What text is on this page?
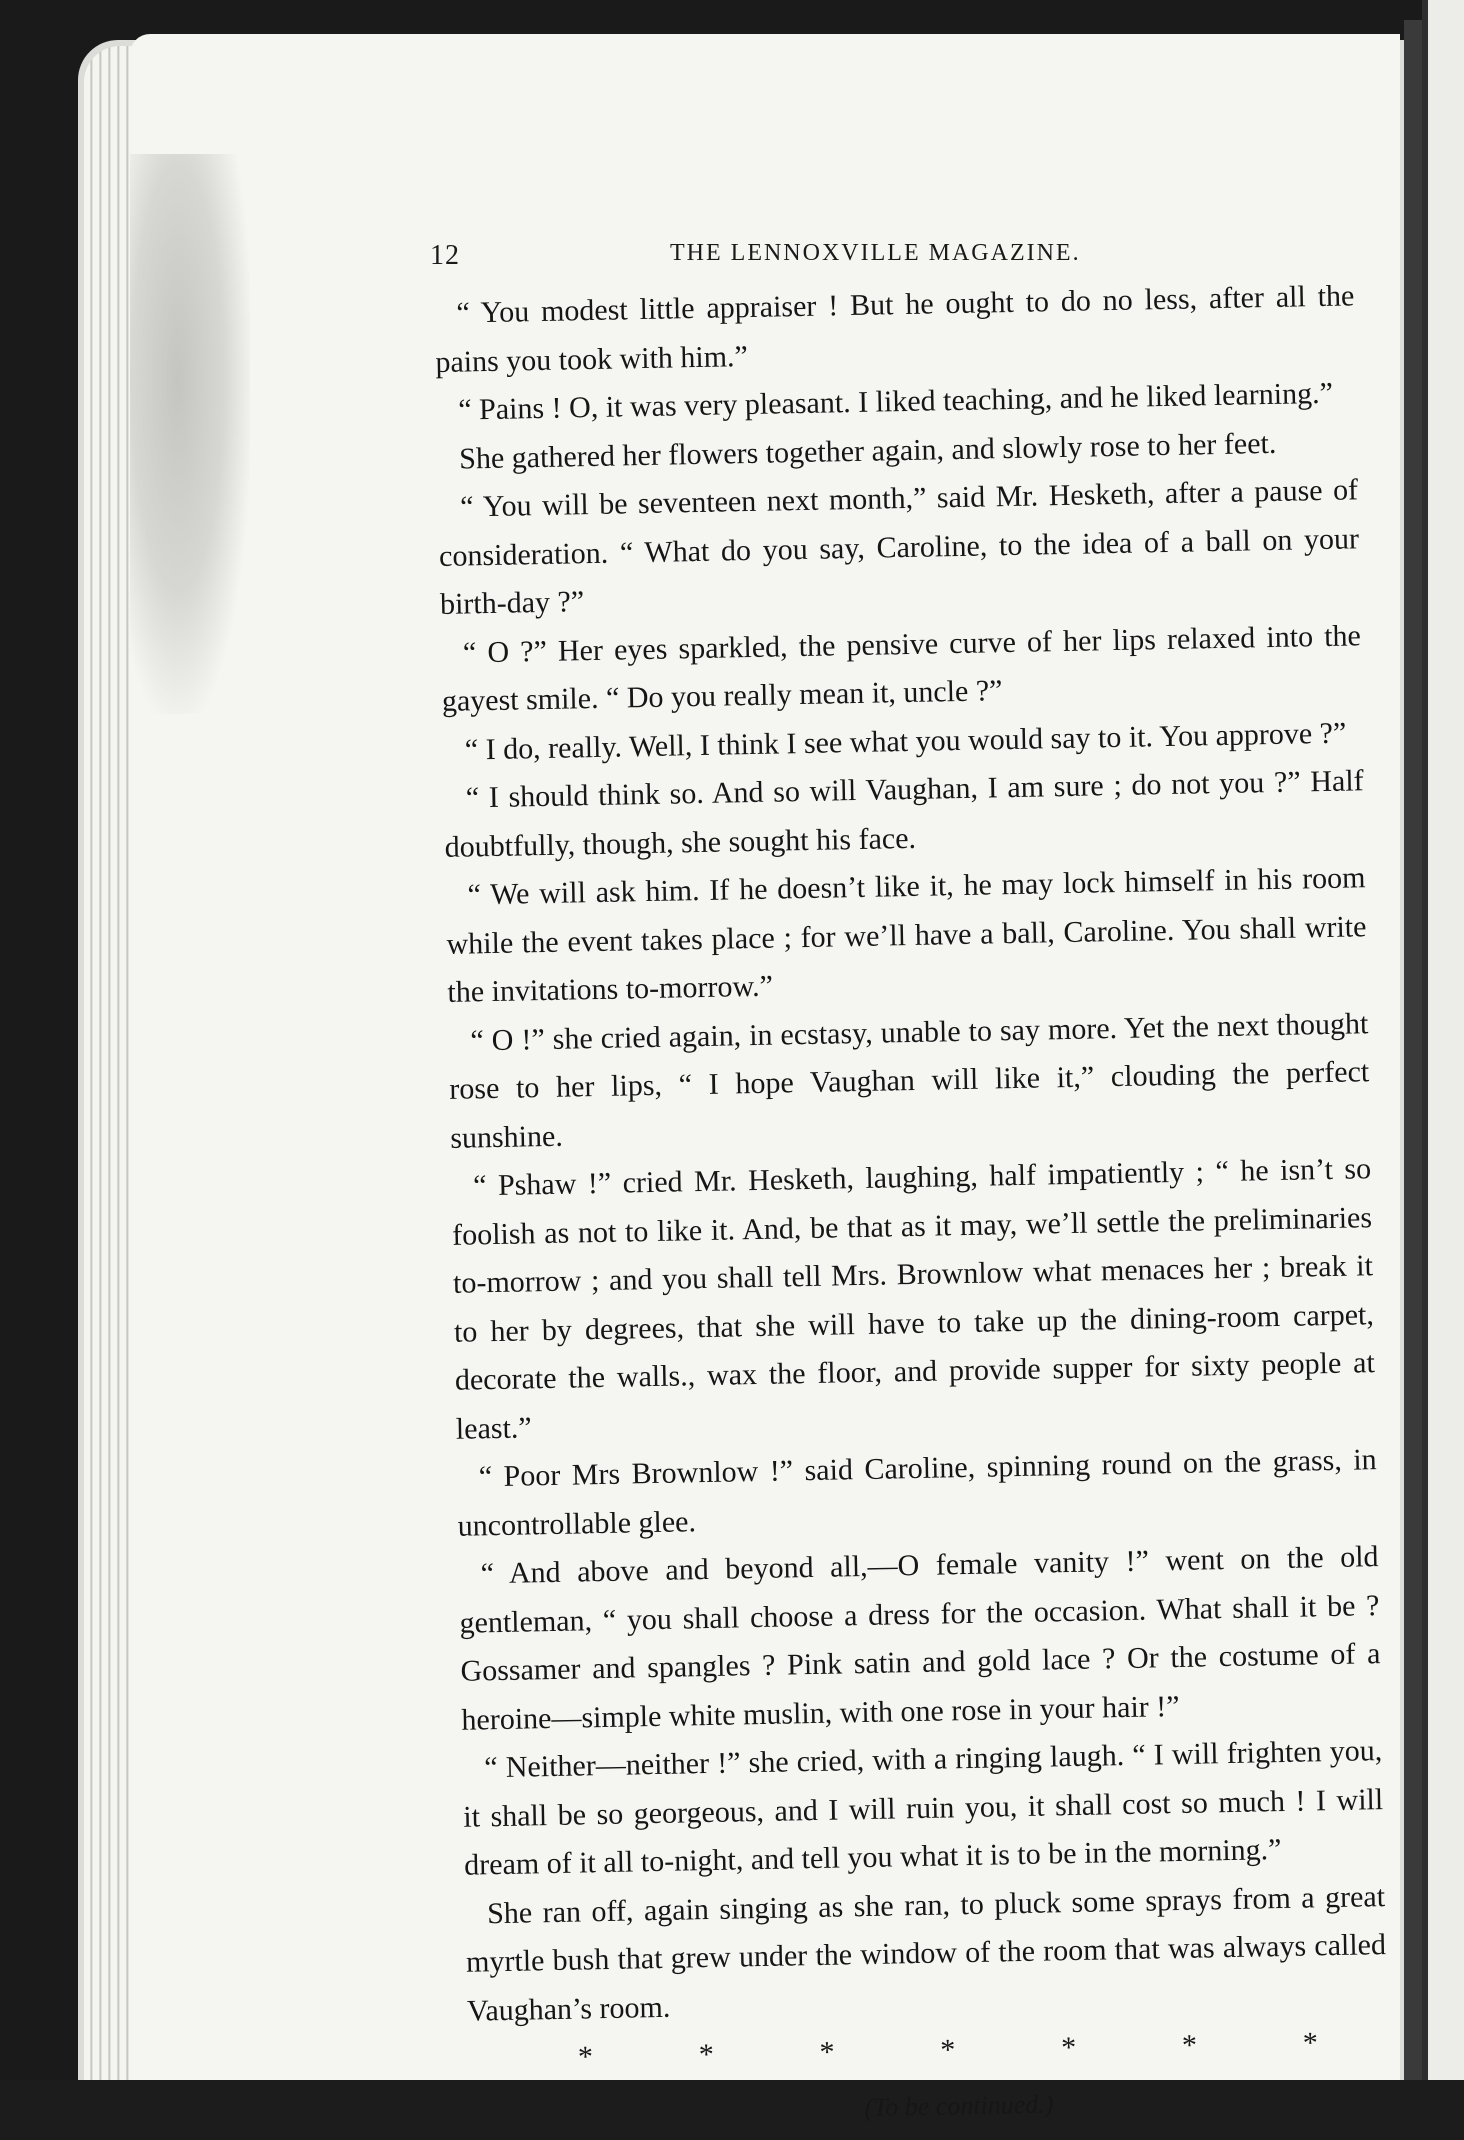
12	THE LENNOXVILLE MAGAZINE.

“ You modest little appraiser ! But he ought to do no less, after all the pains you took with him.”

“ Pains ! O, it was very pleasant. I liked teaching, and he liked learning.”

She gathered her flowers together again, and slowly rose to her feet.

“ You will be seventeen next month,” said Mr. Hesketh, after a pause of consideration. “ What do you say, Caroline, to the idea of a ball on your birth-day ?”

“ O ?” Her eyes sparkled, the pensive curve of her lips relaxed into the gayest smile. “ Do you really mean it, uncle ?”

“ I do, really. Well, I think I see what you would say to it. You approve ?”

“ I should think so. And so will Vaughan, I am sure ; do not you ?” Half doubtfully, though, she sought his face.

“ We will ask him. If he doesn’t like it, he may lock himself in his room while the event takes place ; for we’ll have a ball, Caroline. You shall write the invitations to-morrow.”

“ O !” she cried again, in ecstasy, unable to say more. Yet the next thought rose to her lips, “ I hope Vaughan will like it,” clouding the perfect sunshine.

“ Pshaw !” cried Mr. Hesketh, laughing, half impatiently ; “ he isn’t so foolish as not to like it. And, be that as it may, we’ll settle the preliminaries to-morrow ; and you shall tell Mrs. Brownlow what menaces her ; break it to her by degrees, that she will have to take up the dining-room carpet, decorate the walls., wax the floor, and provide supper for sixty people at least.”

“ Poor Mrs Brownlow !” said Caroline, spinning round on the grass, in uncontrollable glee.

“ And above and beyond all,—O female vanity !” went on the old gentleman, “ you shall choose a dress for the occasion. What shall it be ? Gossamer and spangles ? Pink satin and gold lace ? Or the costume of a heroine—simple white muslin, with one rose in your hair !”

“ Neither—neither !” she cried, with a ringing laugh. “ I will frighten you, it shall be so georgeous, and I will ruin you, it shall cost so much ! I will dream of it all to-night, and tell you what it is to be in the morning.”

She ran off, again singing as she ran, to pluck some sprays from a great myrtle bush that grew under the window of the room that was always called Vaughan’s room.

*	*	*	*	*	*	*
(To be continued.)
